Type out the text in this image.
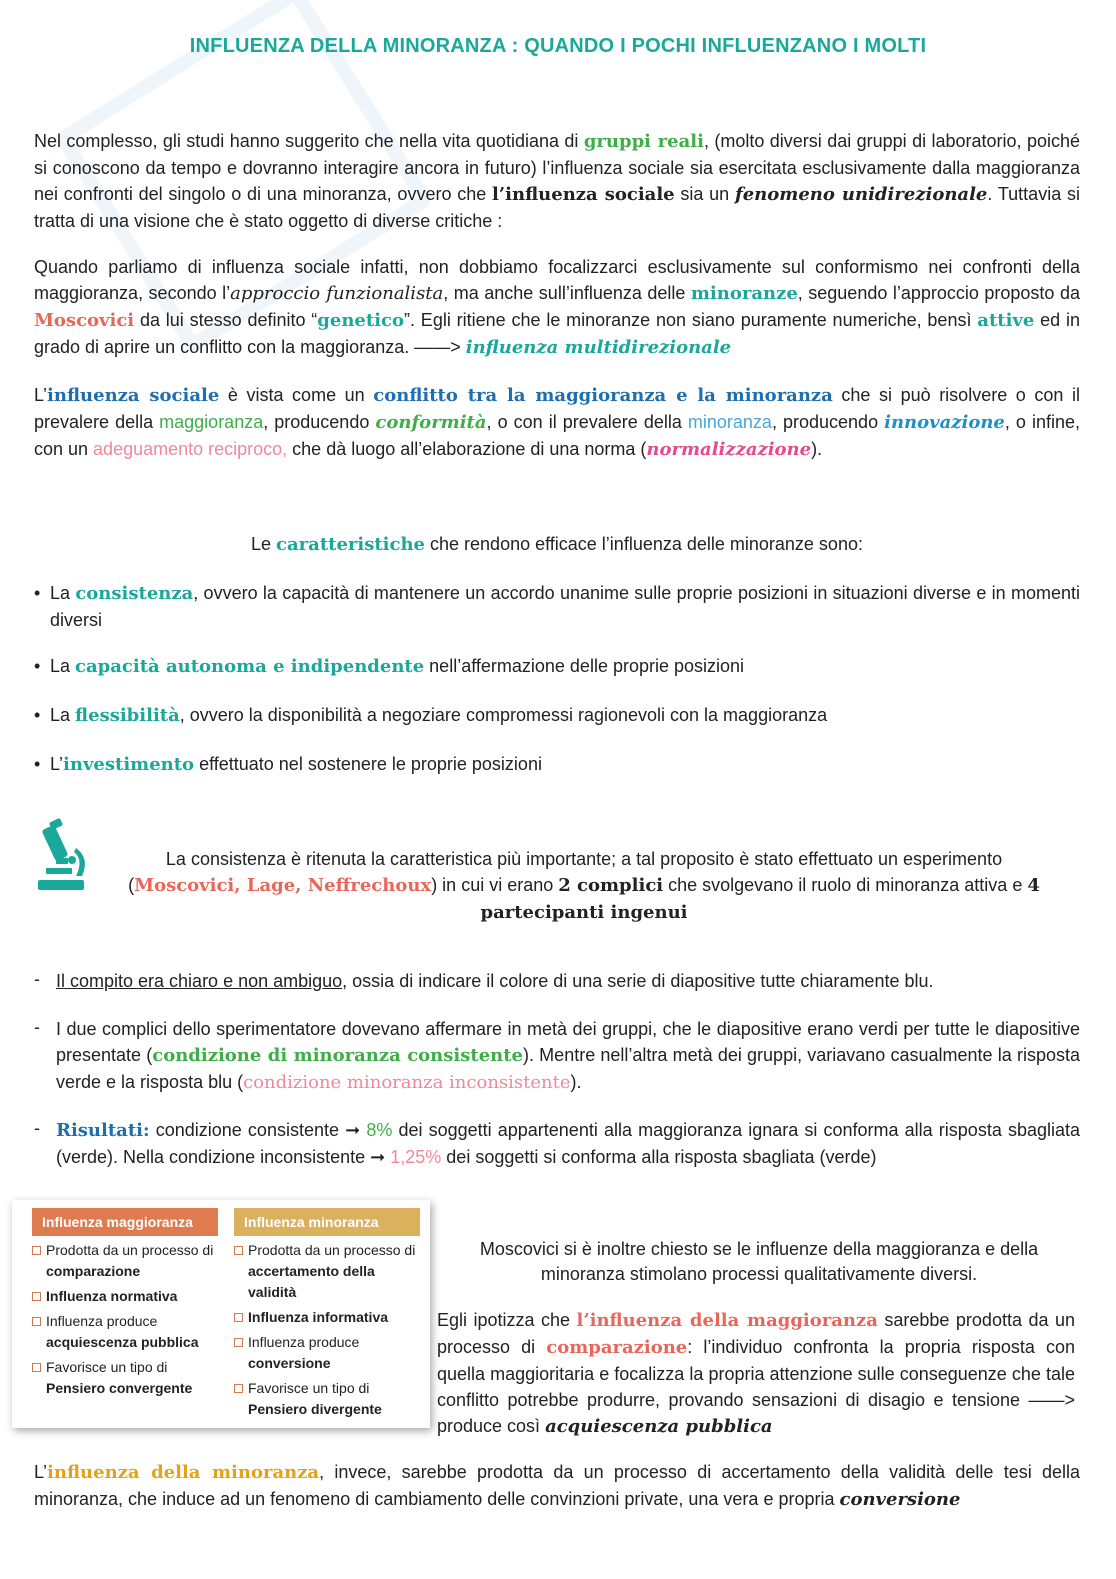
INFLUENZA DELLA MINORANZA : QUANDO I POCHI INFLUENZANO I MOLTI
Nel complesso, gli studi hanno suggerito che nella vita quotidiana di gruppi reali, (molto diversi dai gruppi di laboratorio, poiché si conoscono da tempo e dovranno interagire ancora in futuro) l’influenza sociale sia esercitata esclusivamente dalla maggioranza nei confronti del singolo o di una minoranza, ovvero che l’influenza sociale sia un fenomeno unidirezionale. Tuttavia si tratta di una visione che è stato oggetto di diverse critiche :
Quando parliamo di influenza sociale infatti, non dobbiamo focalizzarci esclusivamente sul conformismo nei confronti della maggioranza, secondo l’approccio funzionalista, ma anche sull’influenza delle minoranze, seguendo l’approccio proposto da Moscovici da lui stesso definito “genetico”. Egli ritiene che le minoranze non siano puramente numeriche, bensì attive ed in grado di aprire un conflitto con la maggioranza. ——> influenza multidirezionale
L’influenza sociale è vista come un conflitto tra la maggioranza e la minoranza che si può risolvere o con il prevalere della maggioranza, producendo conformità, o con il prevalere della minoranza, producendo innovazione, o infine, con un adeguamento reciproco, che dà luogo all’elaborazione di una norma (normalizzazione).
Le caratteristiche che rendono efficace l’influenza delle minoranze sono:
• La consistenza, ovvero la capacità di mantenere un accordo unanime sulle proprie posizioni in situazioni diverse e in momenti diversi
• La capacità autonoma e indipendente nell’affermazione delle proprie posizioni
• La flessibilità, ovvero la disponibilità a negoziare compromessi ragionevoli con la maggioranza
• L’investimento effettuato nel sostenere le proprie posizioni
La consistenza è ritenuta la caratteristica più importante; a tal proposito è stato effettuato un esperimento (Moscovici, Lage, Neffrechoux) in cui vi erano 2 complici che svolgevano il ruolo di minoranza attiva e 4 partecipanti ingenui
- Il compito era chiaro e non ambiguo, ossia di indicare il colore di una serie di diapositive tutte chiaramente blu.
- I due complici dello sperimentatore dovevano affermare in metà dei gruppi, che le diapositive erano verdi per tutte le diapositive presentate (condizione di minoranza consistente). Mentre nell’altra metà dei gruppi, variavano casualmente la risposta verde e la risposta blu (condizione minoranza inconsistente).
- Risultati: condizione consistente ➞ 8% dei soggetti appartenenti alla maggioranza ignara si conforma alla risposta sbagliata (verde). Nella condizione inconsistente ➞ 1,25% dei soggetti si conforma alla risposta sbagliata (verde)
Influenza maggioranza
Prodotta da un processo di
comparazione
Influenza normativa
Influenza produce
acquiescenza pubblica
Favorisce un tipo di
Pensiero convergente
Influenza minoranza
Prodotta da un processo di
accertamento della validità
Influenza informativa
Influenza produce
conversione
Favorisce un tipo di
Pensiero divergente
Moscovici si è inoltre chiesto se le influenze della maggioranza e della minoranza stimolano processi qualitativamente diversi.
Egli ipotizza che l’influenza della maggioranza sarebbe prodotta da un processo di comparazione: l’individuo confronta la propria risposta con quella maggioritaria e focalizza la propria attenzione sulle conseguenze che tale conflitto potrebbe produrre, provando sensazioni di disagio e tensione ——> produce così acquiescenza pubblica
L’influenza della minoranza, invece, sarebbe prodotta da un processo di accertamento della validità delle tesi della minoranza, che induce ad un fenomeno di cambiamento delle convinzioni private, una vera e propria conversione
